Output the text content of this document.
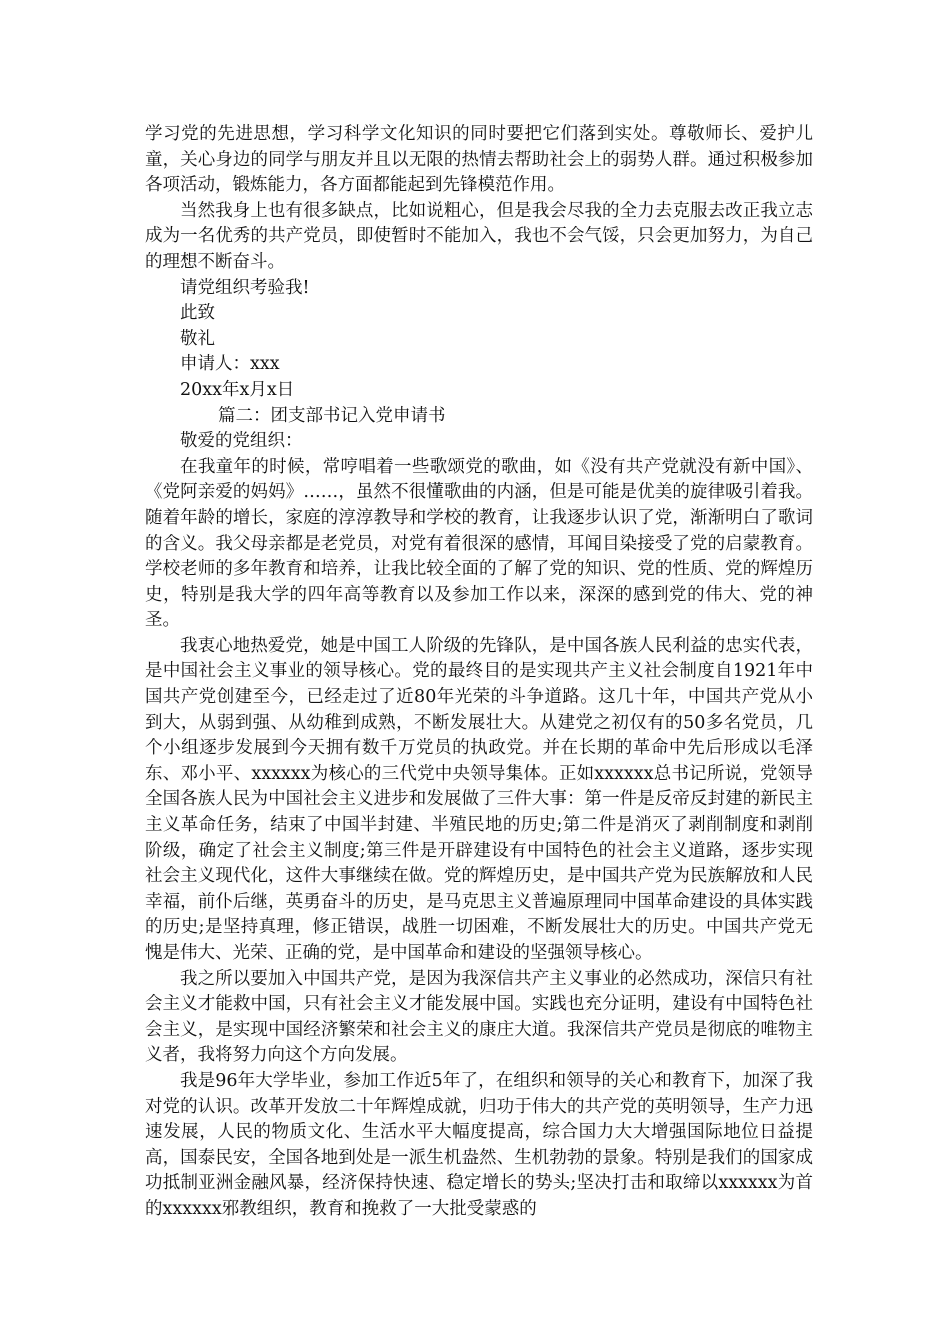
学习党的先进思想，学习科学文化知识的同时要把它们落到实处。尊敬师长、爱护儿童，关心身边的同学与朋友并且以无限的热情去帮助社会上的弱势人群。通过积极参加各项活动，锻炼能力，各方面都能起到先锋模范作用。

当然我身上也有很多缺点，比如说粗心，但是我会尽我的全力去克服去改正我立志成为一名优秀的共产党员，即使暂时不能加入，我也不会气馁，只会更加努力，为自己的理想不断奋斗。

请党组织考验我!

此致

敬礼

申请人：xxx

20xx年x月x日

篇二：团支部书记入党申请书

敬爱的党组织：

在我童年的时候，常哼唱着一些歌颂党的歌曲，如《没有共产党就没有新中国》、《党阿亲爱的妈妈》……，虽然不很懂歌曲的内涵，但是可能是优美的旋律吸引着我。随着年龄的增长，家庭的淳淳教导和学校的教育，让我逐步认识了党，渐渐明白了歌词的含义。我父母亲都是老党员，对党有着很深的感情，耳闻目染接受了党的启蒙教育。学校老师的多年教育和培养，让我比较全面的了解了党的知识、党的性质、党的辉煌历史，特别是我大学的四年高等教育以及参加工作以来，深深的感到党的伟大、党的神圣。

我衷心地热爱党，她是中国工人阶级的先锋队，是中国各族人民利益的忠实代表，是中国社会主义事业的领导核心。党的最终目的是实现共产主义社会制度自1921年中国共产党创建至今，已经走过了近80年光荣的斗争道路。这几十年，中国共产党从小到大，从弱到强、从幼稚到成熟，不断发展壮大。从建党之初仅有的50多名党员，几个小组逐步发展到今天拥有数千万党员的执政党。并在长期的革命中先后形成以毛泽东、邓小平、xxxxxx为核心的三代党中央领导集体。正如xxxxxx总书记所说，党领导全国各族人民为中国社会主义进步和发展做了三件大事：第一件是反帝反封建的新民主主义革命任务，结束了中国半封建、半殖民地的历史;第二件是消灭了剥削制度和剥削阶级，确定了社会主义制度;第三件是开辟建设有中国特色的社会主义道路，逐步实现社会主义现代化，这件大事继续在做。党的辉煌历史，是中国共产党为民族解放和人民幸福，前仆后继，英勇奋斗的历史，是马克思主义普遍原理同中国革命建设的具体实践的历史;是坚持真理，修正错误，战胜一切困难，不断发展壮大的历史。中国共产党无愧是伟大、光荣、正确的党，是中国革命和建设的坚强领导核心。

我之所以要加入中国共产党，是因为我深信共产主义事业的必然成功，深信只有社会主义才能救中国，只有社会主义才能发展中国。实践也充分证明，建设有中国特色社会主义，是实现中国经济繁荣和社会主义的康庄大道。我深信共产党员是彻底的唯物主义者，我将努力向这个方向发展。

我是96年大学毕业，参加工作近5年了，在组织和领导的关心和教育下，加深了我对党的认识。改革开发放二十年辉煌成就，归功于伟大的共产党的英明领导，生产力迅速发展，人民的物质文化、生活水平大幅度提高，综合国力大大增强国际地位日益提高，国泰民安，全国各地到处是一派生机盎然、生机勃勃的景象。特别是我们的国家成功抵制亚洲金融风暴，经济保持快速、稳定增长的势头;坚决打击和取缔以xxxxxx为首的xxxxxx邪教组织，教育和挽救了一大批受蒙惑的
